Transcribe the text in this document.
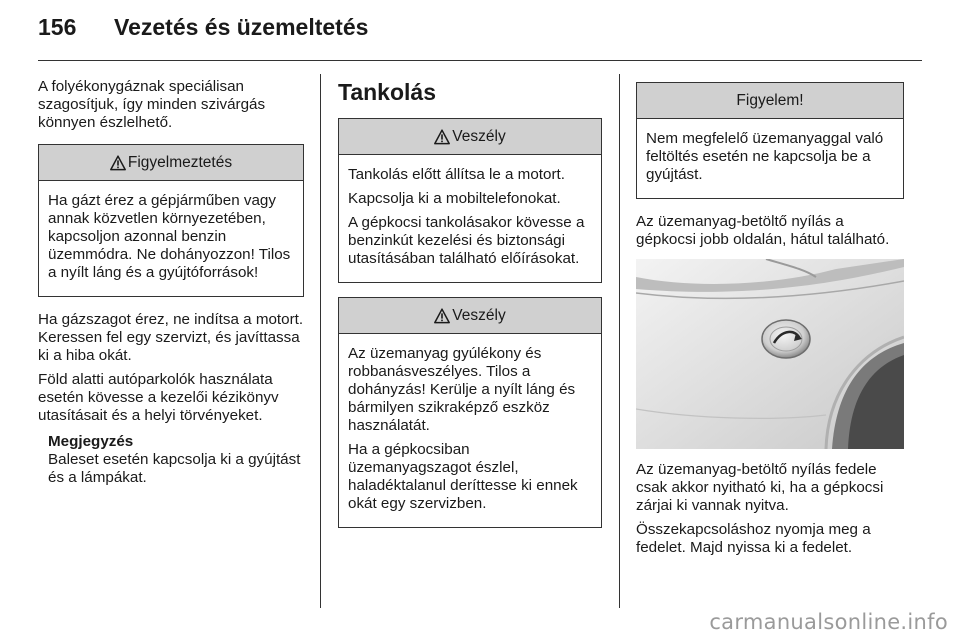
156	Vezetés és üzemeltetés

A folyékonygáznak speciálisan szagosítjuk, így minden szivárgás könnyen észlelhető.

Figyelmeztetés

Ha gázt érez a gépjárműben vagy annak közvetlen környezetében, kapcsoljon azonnal benzin üzemmódra. Ne dohányozzon! Tilos a nyílt láng és a gyújtóforrások!

Ha gázszagot érez, ne indítsa a motort. Keressen fel egy szervizt, és javíttassa ki a hiba okát.

Föld alatti autóparkolók használata esetén kövesse a kezelői kézikönyv utasításait és a helyi törvényeket.

Megjegyzés
Baleset esetén kapcsolja ki a gyújtást és a lámpákat.
Tankolás
Veszély

Tankolás előtt állítsa le a motort.

Kapcsolja ki a mobiltelefonokat.

A gépkocsi tankolásakor kövesse a benzinkút kezelési és biztonsági utasításában található előírásokat.

Veszély

Az üzemanyag gyúlékony és robbanásveszélyes. Tilos a dohányzás! Kerülje a nyílt láng és bármilyen szikraképző eszköz használatát.

Ha a gépkocsiban üzemanyagszagot észlel, haladéktalanul deríttesse ki ennek okát egy szervizben.

Figyelem!

Nem megfelelő üzemanyaggal való feltöltés esetén ne kapcsolja be a gyújtást.

Az üzemanyag-betöltő nyílás a gépkocsi jobb oldalán, hátul található.

Az üzemanyag-betöltő nyílás fedele csak akkor nyitható ki, ha a gépkocsi zárjai ki vannak nyitva.

Összekapcsoláshoz nyomja meg a fedelet. Majd nyissa ki a fedelet.

carmanualsonline.info
